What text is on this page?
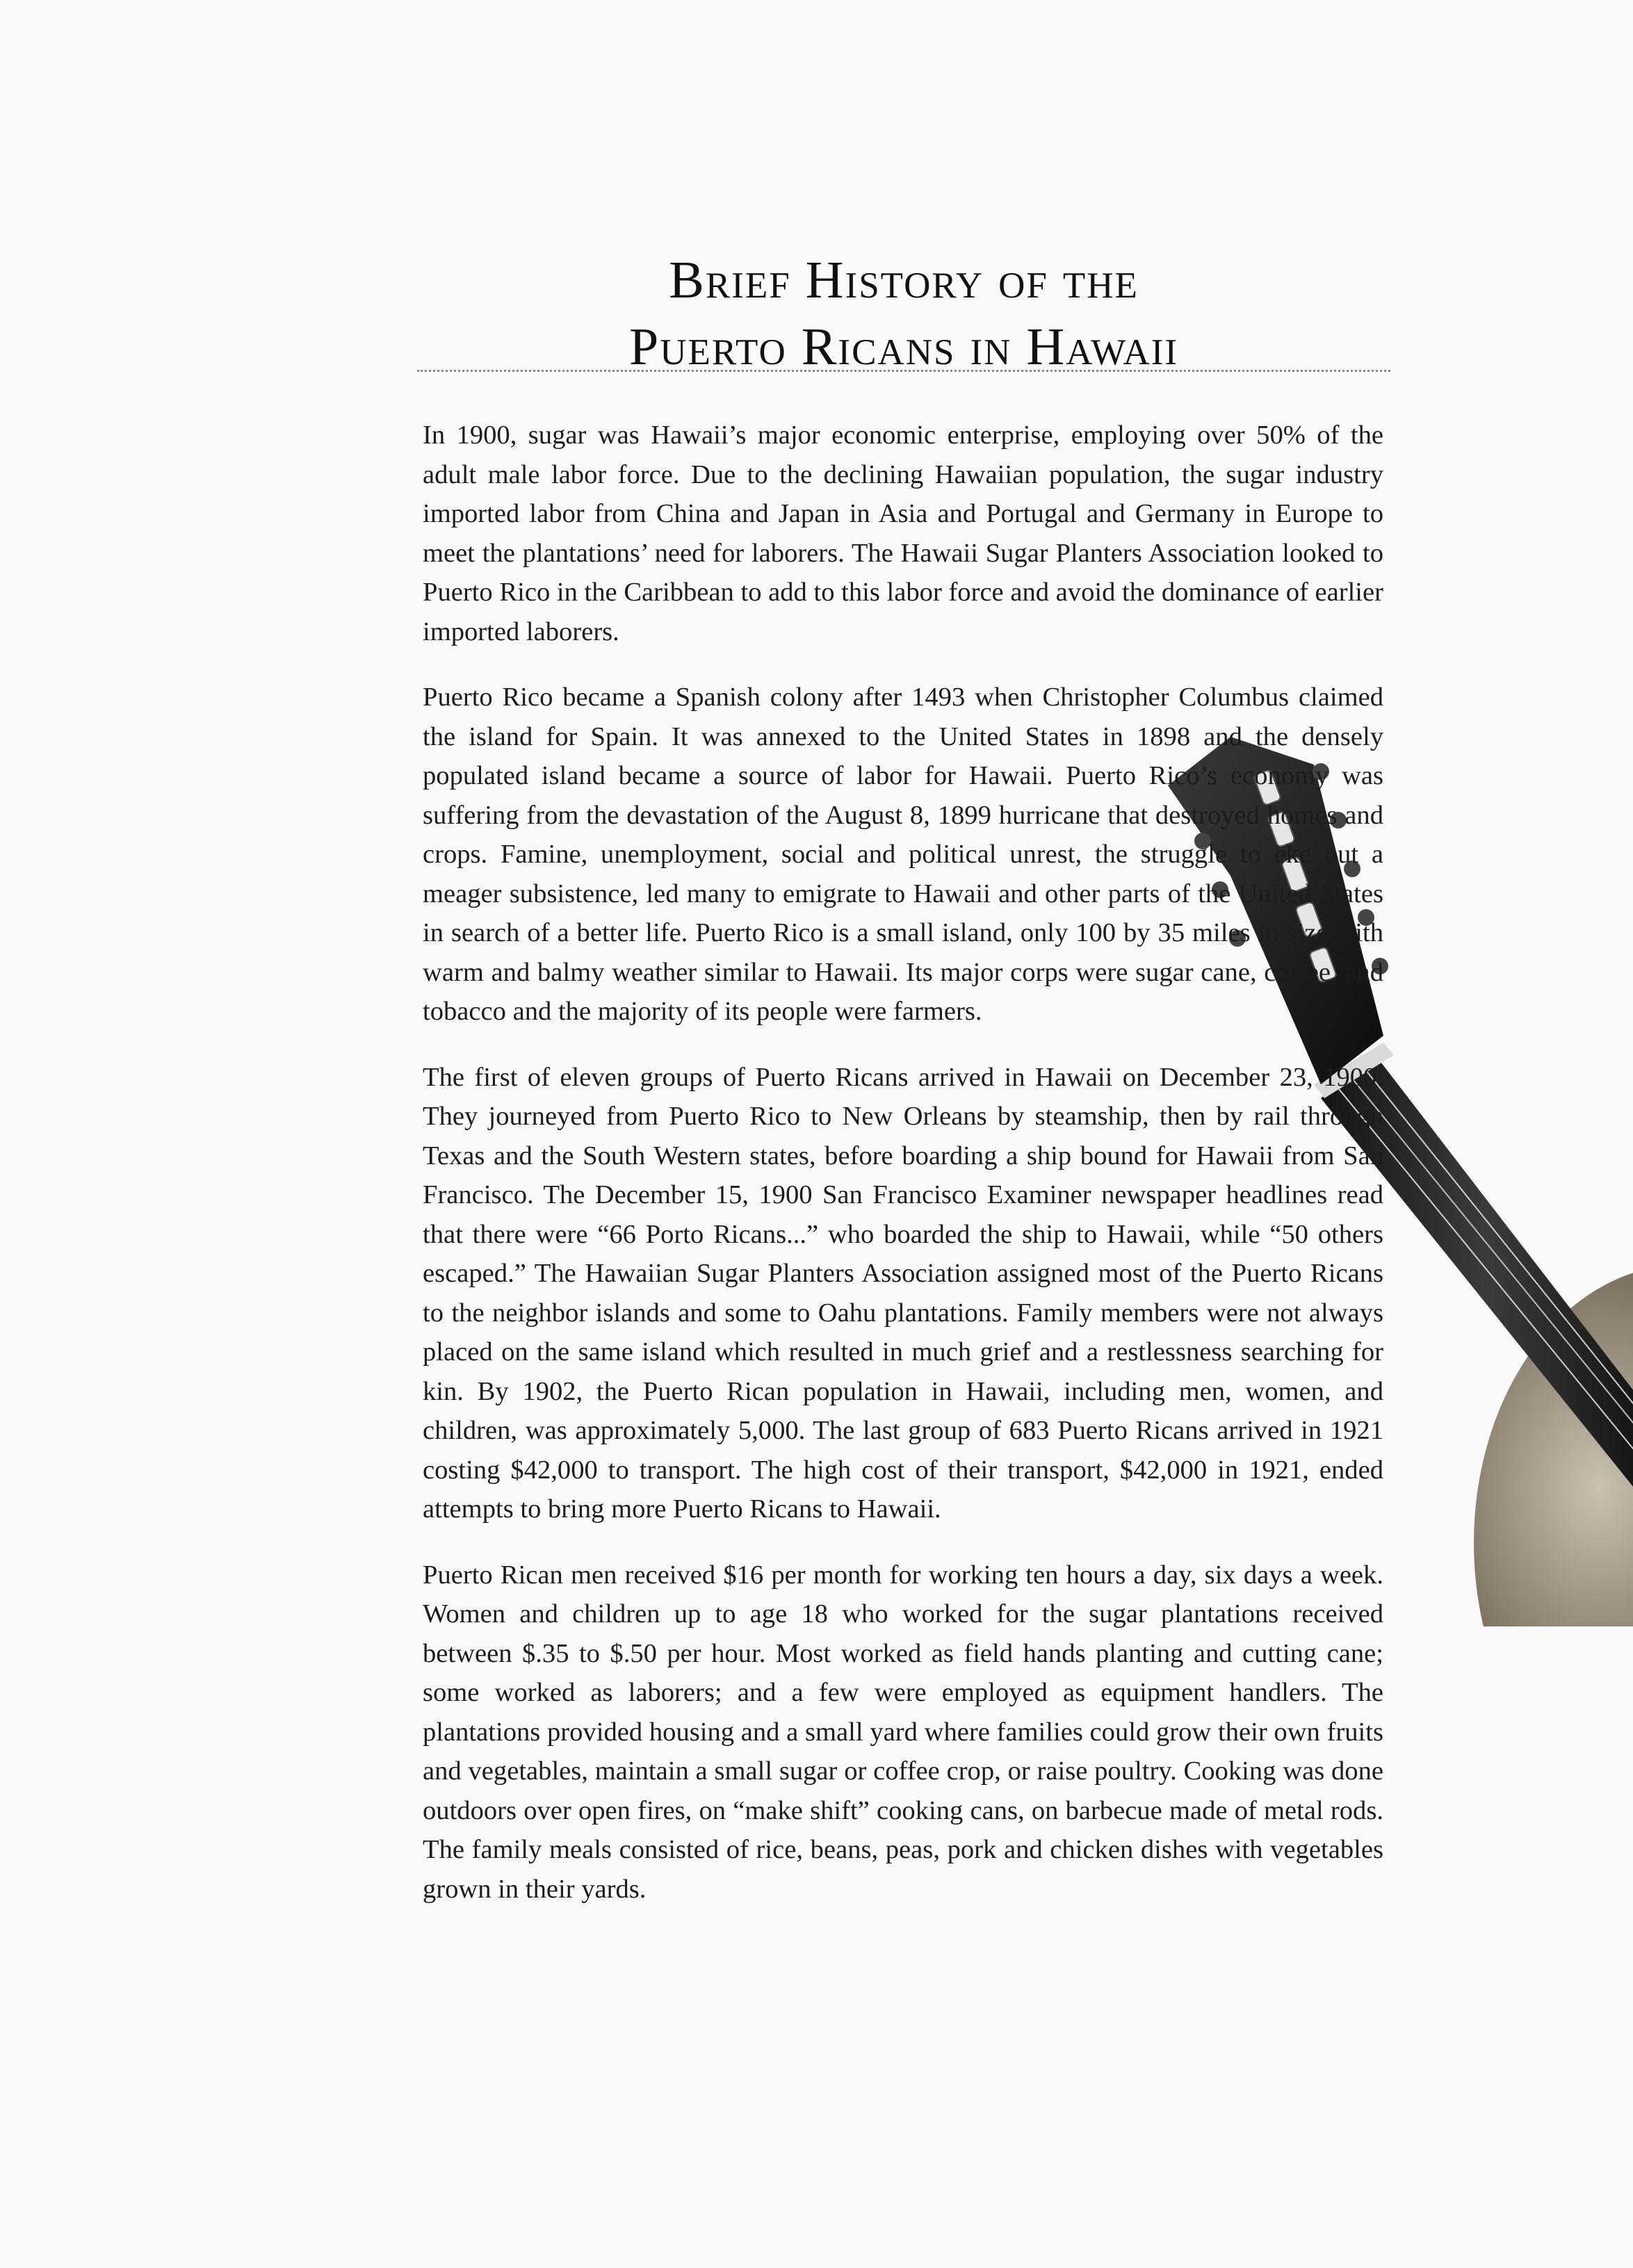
Brief History of the
Puerto Ricans in Hawaii

In 1900, sugar was Hawaii’s major economic enterprise, employing over 50% of the adult male labor force. Due to the declining Hawaiian population, the sugar industry imported labor from China and Japan in Asia and Portugal and Germany in Europe to meet the plantations’ need for laborers. The Hawaii Sugar Planters Association looked to Puerto Rico in the Caribbean to add to this labor force and avoid the dominance of earlier imported laborers.

Puerto Rico became a Spanish colony after 1493 when Christopher Columbus claimed the island for Spain. It was annexed to the United States in 1898 and the densely populated island became a source of labor for Hawaii. Puerto Rico’s economy was suffering from the devastation of the August 8, 1899 hurricane that destroyed homes and crops. Famine, unemployment, social and political unrest, the struggle to eke out a meager subsistence, led many to emigrate to Hawaii and other parts of the United States in search of a better life. Puerto Rico is a small island, only 100 by 35 miles in size with warm and balmy weather similar to Hawaii. Its major corps were sugar cane, coffee, and tobacco and the majority of its people were farmers.

The first of eleven groups of Puerto Ricans arrived in Hawaii on December 23, 1900. They journeyed from Puerto Rico to New Orleans by steamship, then by rail through Texas and the South Western states, before boarding a ship bound for Hawaii from San Francisco. The December 15, 1900 San Francisco Examiner newspaper headlines read that there were “66 Porto Ricans...” who boarded the ship to Hawaii, while “50 others escaped.” The Hawaiian Sugar Planters Association assigned most of the Puerto Ricans to the neighbor islands and some to Oahu plantations. Family members were not always placed on the same island which resulted in much grief and a restlessness searching for kin. By 1902, the Puerto Rican population in Hawaii, including men, women, and children, was approximately 5,000. The last group of 683 Puerto Ricans arrived in 1921 costing $42,000 to transport. The high cost of their transport, $42,000 in 1921, ended attempts to bring more Puerto Ricans to Hawaii.

Puerto Rican men received $16 per month for working ten hours a day, six days a week. Women and children up to age 18 who worked for the sugar plantations received between $.35 to $.50 per hour. Most worked as field hands planting and cutting cane; some worked as laborers; and a few were employed as equipment handlers. The plantations provided housing and a small yard where families could grow their own fruits and vegetables, maintain a small sugar or coffee crop, or raise poultry. Cooking was done outdoors over open fires, on “make shift” cooking cans, on barbecue made of metal rods. The family meals consisted of rice, beans, peas, pork and chicken dishes with vegetables grown in their yards.
